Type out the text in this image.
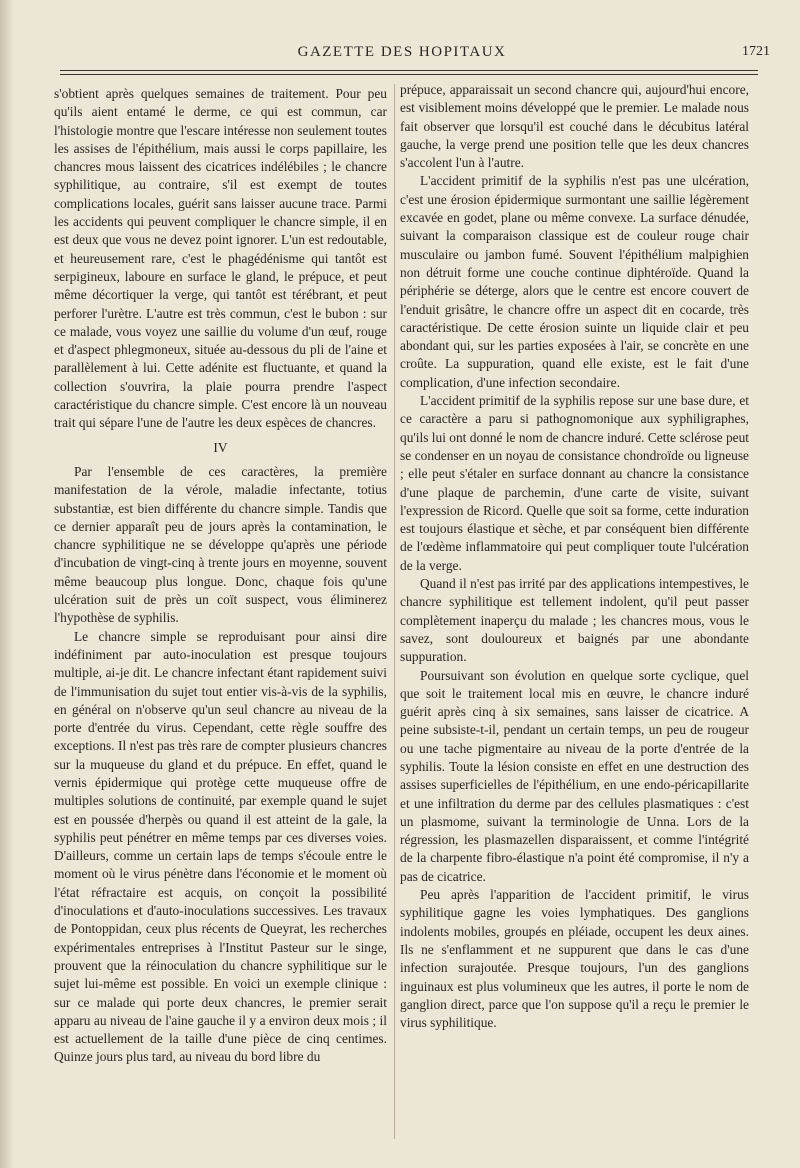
GAZETTE DES HOPITAUX	1721

s'obtient après quelques semaines de traitement. Pour peu qu'ils aient entamé le derme, ce qui est commun, car l'histologie montre que l'escare intéresse non seulement toutes les assises de l'épithélium, mais aussi le corps papillaire, les chancres mous laissent des cicatrices indélébiles ; le chancre syphilitique, au contraire, s'il est exempt de toutes complications locales, guérit sans laisser aucune trace. Parmi les accidents qui peuvent compliquer le chancre simple, il en est deux que vous ne devez point ignorer. L'un est redoutable, et heureusement rare, c'est le phagédénisme qui tantôt est serpigineux, laboure en surface le gland, le prépuce, et peut même décortiquer la verge, qui tantôt est térébrant, et peut perforer l'urètre. L'autre est très commun, c'est le bubon : sur ce malade, vous voyez une saillie du volume d'un œuf, rouge et d'aspect phlegmoneux, située au-dessous du pli de l'aine et parallèlement à lui. Cette adénite est fluctuante, et quand la collection s'ouvrira, la plaie pourra prendre l'aspect caractéristique du chancre simple. C'est encore là un nouveau trait qui sépare l'une de l'autre les deux espèces de chancres.

IV

Par l'ensemble de ces caractères, la première manifestation de la vérole, maladie infectante, totius substantiæ, est bien différente du chancre simple. Tandis que ce dernier apparaît peu de jours après la contamination, le chancre syphilitique ne se développe qu'après une période d'incubation de vingt-cinq à trente jours en moyenne, souvent même beaucoup plus longue. Donc, chaque fois qu'une ulcération suit de près un coït suspect, vous éliminerez l'hypothèse de syphilis.

Le chancre simple se reproduisant pour ainsi dire indéfiniment par auto-inoculation est presque toujours multiple, ai-je dit. Le chancre infectant étant rapidement suivi de l'immunisation du sujet tout entier vis-à-vis de la syphilis, en général on n'observe qu'un seul chancre au niveau de la porte d'entrée du virus. Cependant, cette règle souffre des exceptions. Il n'est pas très rare de compter plusieurs chancres sur la muqueuse du gland et du prépuce. En effet, quand le vernis épidermique qui protège cette muqueuse offre de multiples solutions de continuité, par exemple quand le sujet est en poussée d'herpès ou quand il est atteint de la gale, la syphilis peut pénétrer en même temps par ces diverses voies. D'ailleurs, comme un certain laps de temps s'écoule entre le moment où le virus pénètre dans l'économie et le moment où l'état réfractaire est acquis, on conçoit la possibilité d'inoculations et d'auto-inoculations successives. Les travaux de Pontoppidan, ceux plus récents de Queyrat, les recherches expérimentales entreprises à l'Institut Pasteur sur le singe, prouvent que la réinoculation du chancre syphilitique sur le sujet lui-même est possible. En voici un exemple clinique : sur ce malade qui porte deux chancres, le premier serait apparu au niveau de l'aine gauche il y a environ deux mois ; il est actuellement de la taille d'une pièce de cinq centimes. Quinze jours plus tard, au niveau du bord libre du

prépuce, apparaissait un second chancre qui, aujourd'hui encore, est visiblement moins développé que le premier. Le malade nous fait observer que lorsqu'il est couché dans le décubitus latéral gauche, la verge prend une position telle que les deux chancres s'accolent l'un à l'autre.

L'accident primitif de la syphilis n'est pas une ulcération, c'est une érosion épidermique surmontant une saillie légèrement excavée en godet, plane ou même convexe. La surface dénudée, suivant la comparaison classique est de couleur rouge chair musculaire ou jambon fumé. Souvent l'épithélium malpighien non détruit forme une couche continue diphtéroïde. Quand la périphérie se déterge, alors que le centre est encore couvert de l'enduit grisâtre, le chancre offre un aspect dit en cocarde, très caractéristique. De cette érosion suinte un liquide clair et peu abondant qui, sur les parties exposées à l'air, se concrète en une croûte. La suppuration, quand elle existe, est le fait d'une complication, d'une infection secondaire.

L'accident primitif de la syphilis repose sur une base dure, et ce caractère a paru si pathognomonique aux syphiligraphes, qu'ils lui ont donné le nom de chancre induré. Cette sclérose peut se condenser en un noyau de consistance chondroïde ou ligneuse ; elle peut s'étaler en surface donnant au chancre la consistance d'une plaque de parchemin, d'une carte de visite, suivant l'expression de Ricord. Quelle que soit sa forme, cette induration est toujours élastique et sèche, et par conséquent bien différente de l'œdème inflammatoire qui peut compliquer toute l'ulcération de la verge.

Quand il n'est pas irrité par des applications intempestives, le chancre syphilitique est tellement indolent, qu'il peut passer complètement inaperçu du malade ; les chancres mous, vous le savez, sont douloureux et baignés par une abondante suppuration.

Poursuivant son évolution en quelque sorte cyclique, quel que soit le traitement local mis en œuvre, le chancre induré guérit après cinq à six semaines, sans laisser de cicatrice. A peine subsiste-t-il, pendant un certain temps, un peu de rougeur ou une tache pigmentaire au niveau de la porte d'entrée de la syphilis. Toute la lésion consiste en effet en une destruction des assises superficielles de l'épithélium, en une endo-péricapillarite et une infiltration du derme par des cellules plasmatiques : c'est un plasmome, suivant la terminologie de Unna. Lors de la régression, les plasmazellen disparaissent, et comme l'intégrité de la charpente fibro-élastique n'a point été compromise, il n'y a pas de cicatrice.

Peu après l'apparition de l'accident primitif, le virus syphilitique gagne les voies lymphatiques. Des ganglions indolents mobiles, groupés en pléiade, occupent les deux aines. Ils ne s'enflamment et ne suppurent que dans le cas d'une infection surajoutée. Presque toujours, l'un des ganglions inguinaux est plus volumineux que les autres, il porte le nom de ganglion direct, parce que l'on suppose qu'il a reçu le premier le virus syphilitique.
